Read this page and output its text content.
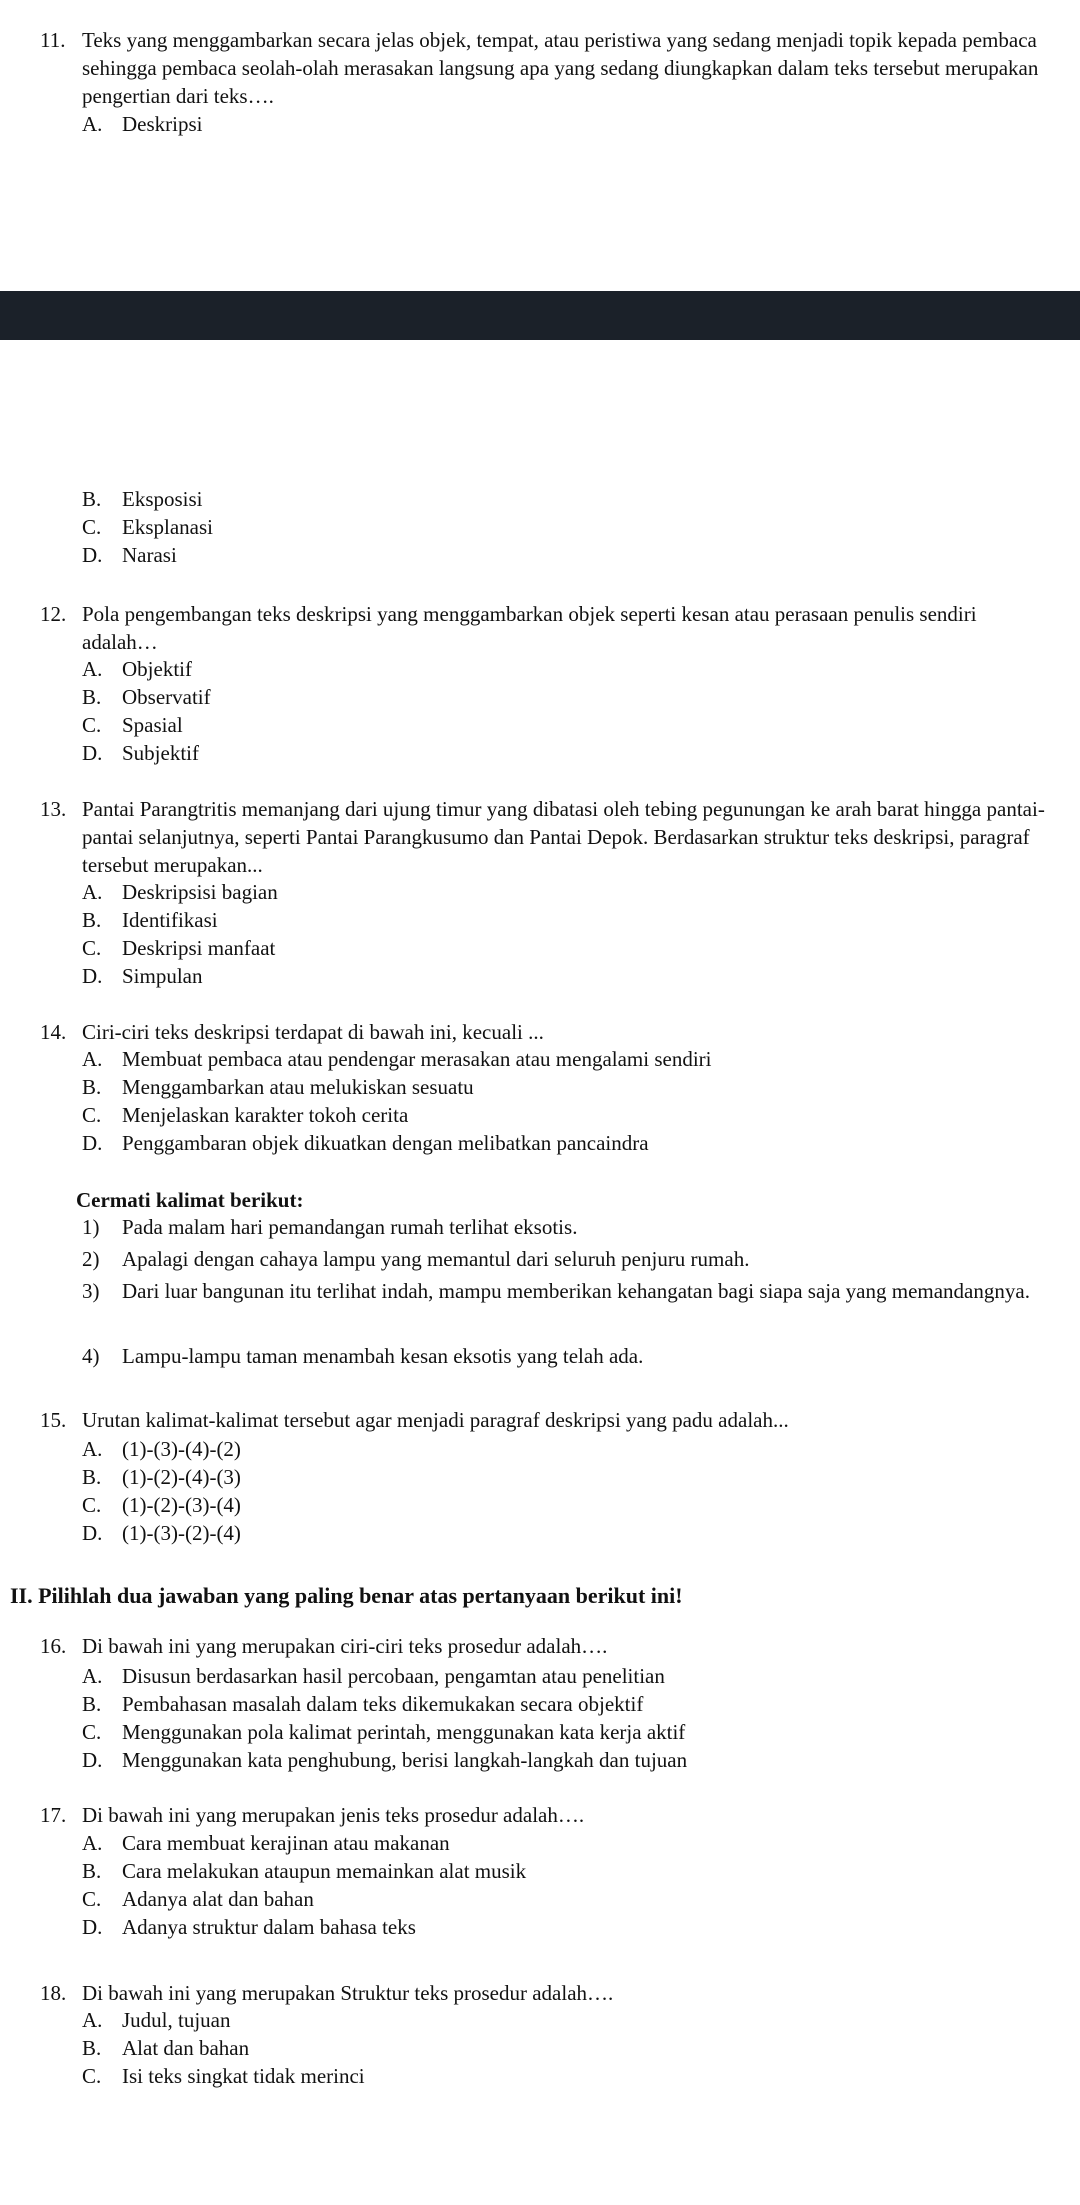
11. Teks yang menggambarkan secara jelas objek, tempat, atau peristiwa yang sedang menjadi topik kepada pembaca sehingga pembaca seolah-olah merasakan langsung apa yang sedang diungkapkan dalam teks tersebut merupakan pengertian dari teks….
A. Deskripsi
B. Eksposisi
C. Eksplanasi
D. Narasi
12. Pola pengembangan teks deskripsi yang menggambarkan objek seperti kesan atau perasaan penulis sendiri adalah…
A. Objektif
B. Observatif
C. Spasial
D. Subjektif
13. Pantai Parangtritis memanjang dari ujung timur yang dibatasi oleh tebing pegunungan ke arah barat hingga pantai-pantai selanjutnya, seperti Pantai Parangkusumo dan Pantai Depok. Berdasarkan struktur teks deskripsi, paragraf tersebut merupakan...
A. Deskripsisi bagian
B. Identifikasi
C. Deskripsi manfaat
D. Simpulan
14. Ciri-ciri teks deskripsi terdapat di bawah ini, kecuali ...
A. Membuat pembaca atau pendengar merasakan atau mengalami sendiri
B. Menggambarkan atau melukiskan sesuatu
C. Menjelaskan karakter tokoh cerita
D. Penggambaran objek dikuatkan dengan melibatkan pancaindra
Cermati kalimat berikut:
1)	Pada malam hari pemandangan rumah terlihat eksotis.
2)	Apalagi dengan cahaya lampu yang memantul dari seluruh penjuru rumah.
3)	Dari luar bangunan itu terlihat indah, mampu memberikan kehangatan bagi siapa saja yang memandangnya.
4)	Lampu-lampu taman menambah kesan eksotis yang telah ada.
15. Urutan kalimat-kalimat tersebut agar menjadi paragraf deskripsi yang padu adalah...
A. (1)-(3)-(4)-(2)
B. (1)-(2)-(4)-(3)
C. (1)-(2)-(3)-(4)
D. (1)-(3)-(2)-(4)
II. Pilihlah dua jawaban yang paling benar atas pertanyaan berikut ini!
16. Di bawah ini yang merupakan ciri-ciri teks prosedur adalah….
A. Disusun berdasarkan hasil percobaan, pengamtan atau penelitian
B. Pembahasan masalah dalam teks dikemukakan secara objektif
C. Menggunakan pola kalimat perintah, menggunakan kata kerja aktif
D. Menggunakan kata penghubung, berisi langkah-langkah dan tujuan
17. Di bawah ini yang merupakan jenis teks prosedur adalah….
A. Cara membuat kerajinan atau makanan
B. Cara melakukan ataupun memainkan alat musik
C. Adanya alat dan bahan
D. Adanya struktur dalam bahasa teks
18. Di bawah ini yang merupakan Struktur teks prosedur adalah….
A. Judul, tujuan
B. Alat dan bahan
C. Isi teks singkat tidak merinci
